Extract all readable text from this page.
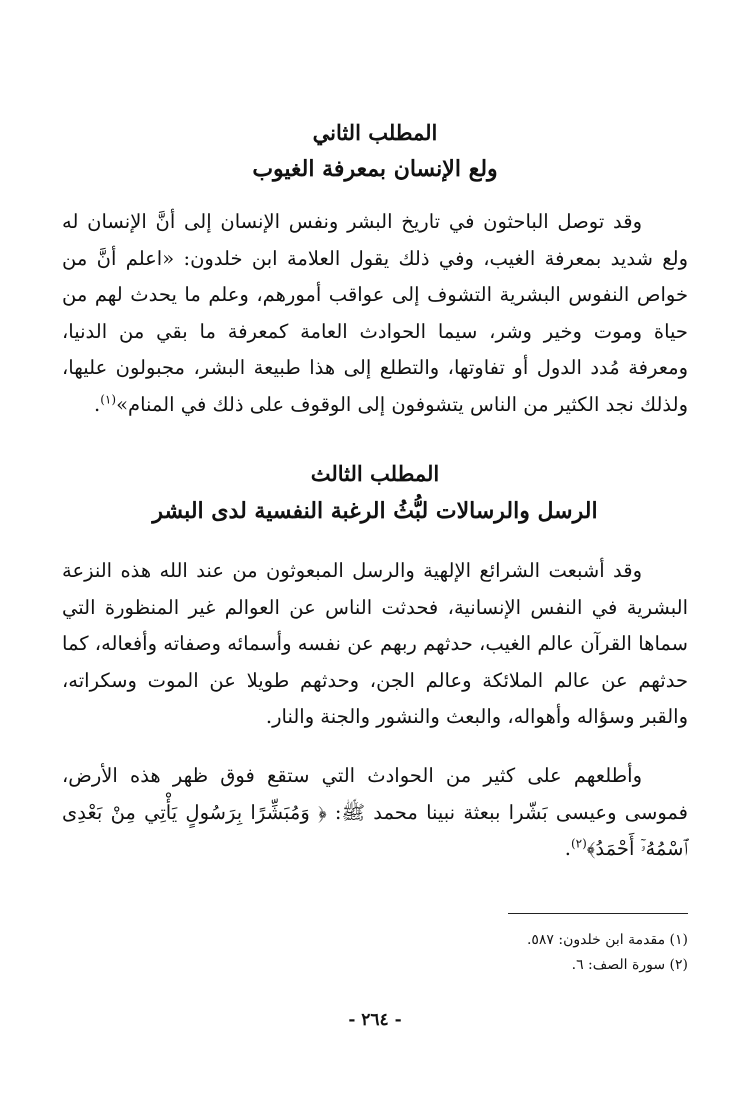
المطلب الثاني
ولع الإنسان بمعرفة الغيوب

وقد توصل الباحثون في تاريخ البشر ونفس الإنسان إلى أنَّ الإنسان له ولع شديد بمعرفة الغيب، وفي ذلك يقول العلامة ابن خلدون: «اعلم أنَّ من خواص النفوس البشرية التشوف إلى عواقب أمورهم، وعلم ما يحدث لهم من حياة وموت وخير وشر، سيما الحوادث العامة كمعرفة ما بقي من الدنيا، ومعرفة مُدد الدول أو تفاوتها، والتطلع إلى هذا طبيعة البشر، مجبولون عليها، ولذلك نجد الكثير من الناس يتشوفون إلى الوقوف على ذلك في المنام»$^{(١)}$.

المطلب الثالث
الرسل والرسالات لبُّثُ الرغبة النفسية لدى البشر

وقد أشبعت الشرائع الإلهية والرسل المبعوثون من عند الله هذه النزعة البشرية في النفس الإنسانية، فحدثت الناس عن العوالم غير المنظورة التي سماها القرآن عالم الغيب، حدثهم ربهم عن نفسه وأسمائه وصفاته وأفعاله، كما حدثهم عن عالم الملائكة وعالم الجن، وحدثهم طويلا عن الموت وسكراته، والقبر وسؤاله وأهواله، والبعث والنشور والجنة والنار.

وأطلعهم على كثير من الحوادث التي ستقع فوق ظهر هذه الأرض، فموسى وعيسى بَشّرا ببعثة نبينا محمد ﷺ: ﴿ وَمُبَشِّرًا بِرَسُولٍ يَأْتِي مِنْ بَعْدِى ٱسْمُهُۥٓ أَحْمَدُ﴾$^{(٢)}$.

(١) مقدمة ابن خلدون: ٥٨٧.
(٢) سورة الصف: ٦.
- ٢٦٤ -
